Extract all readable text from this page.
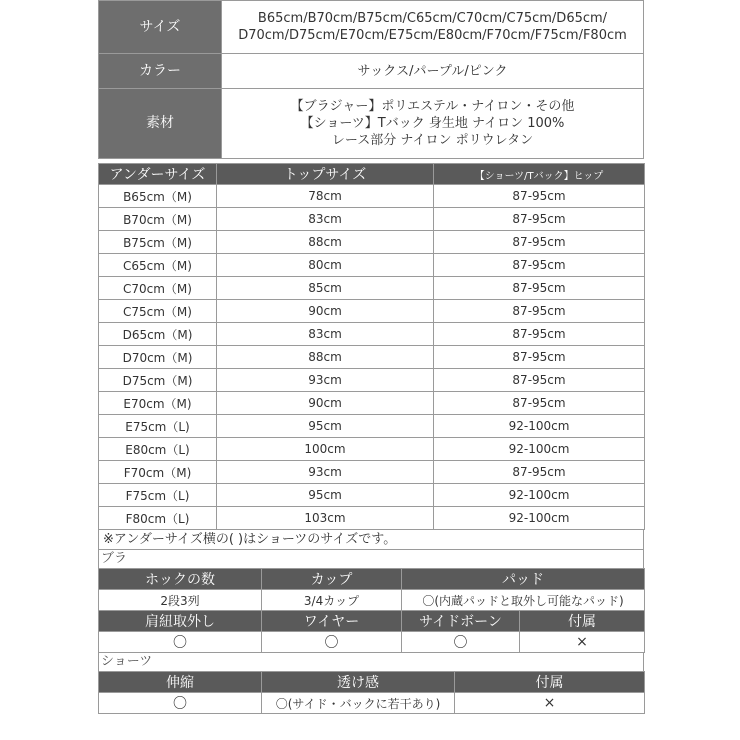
サイズ	B65cm/B70cm/B75cm/C65cm/C70cm/C75cm/D65cm/
D70cm/D75cm/E70cm/E75cm/E80cm/F70cm/F75cm/F80cm

カラー	サックス/パープル/ピンク
素材	【ブラジャー】ポリエステル・ナイロン・その他
【ショーツ】Tバック 身生地 ナイロン 100%
レース部分 ナイロン ポリウレタン
アンダーサイズ	トップサイズ	【ショーツ/Tバック】ヒップ
B65cm（M)	78cm	87-95cm
B70cm（M)	83cm	87-95cm
B75cm（M)	88cm	87-95cm
C65cm（M)	80cm	87-95cm
C70cm（M)	85cm	87-95cm
C75cm（M)	90cm	87-95cm
D65cm（M)	83cm	87-95cm
D70cm（M)	88cm	87-95cm
D75cm（M)	93cm	87-95cm
E70cm（M)	90cm	87-95cm
E75cm（L)	95cm	92-100cm
E80cm（L)	100cm	92-100cm
F70cm（M)	93cm	87-95cm
F75cm（L)	95cm	92-100cm
F80cm（L)	103cm	92-100cm
※アンダーサイズ横の( )はショーツのサイズです。
ブラ
ホックの数	カップ	パッド	
2段3列	3/4カップ	〇(内蔵パッドと取外し可能なパッド)	
肩紐取外し	ワイヤー	サイドボーン	付属
〇	〇	〇	×
ショーツ
伸縮	透け感	付属
〇	〇(サイド・バックに若干あり)	×
